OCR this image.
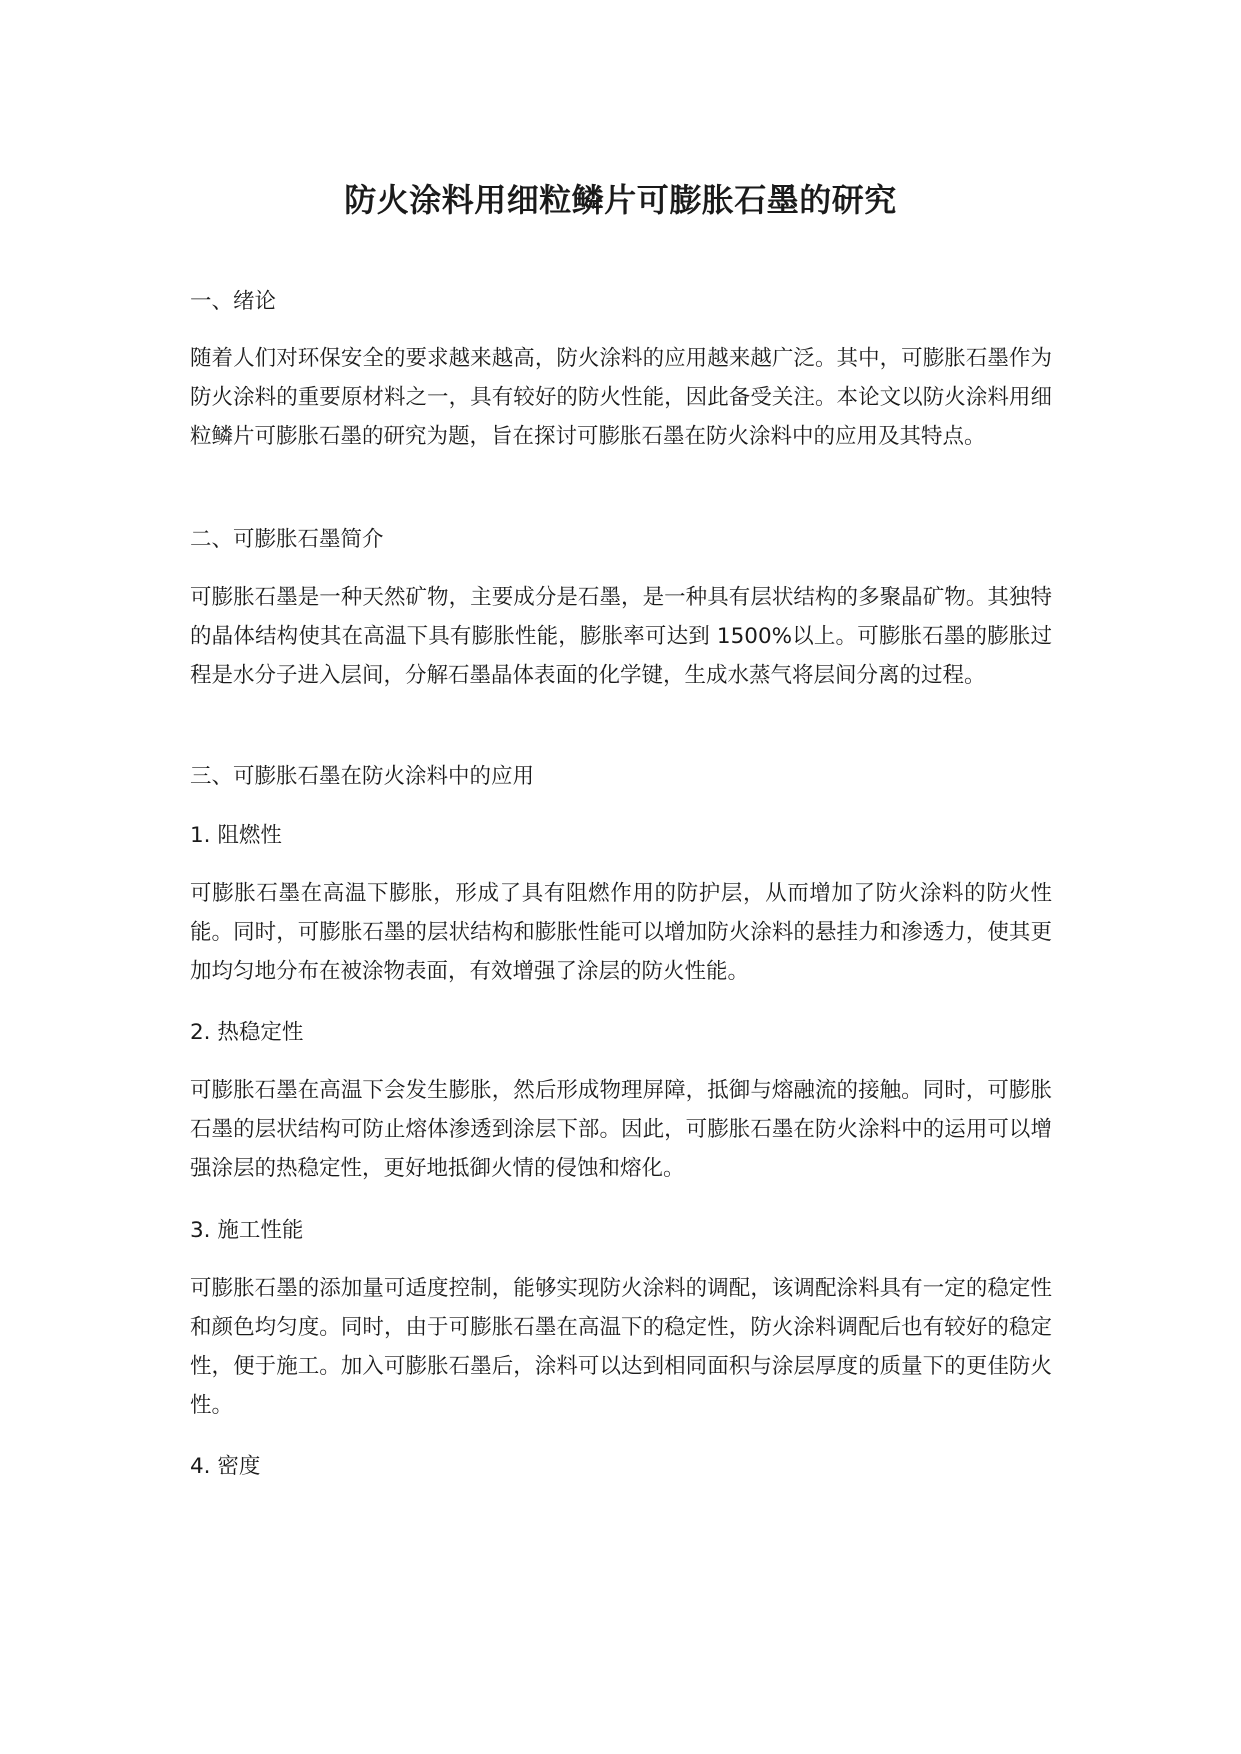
防火涂料用细粒鳞片可膨胀石墨的研究
一、绪论

随着人们对环保安全的要求越来越高，防火涂料的应用越来越广泛。其中，可膨胀石墨作为防火涂料的重要原材料之一，具有较好的防火性能，因此备受关注。本论文以防火涂料用细粒鳞片可膨胀石墨的研究为题，旨在探讨可膨胀石墨在防火涂料中的应用及其特点。

二、可膨胀石墨简介

可膨胀石墨是一种天然矿物，主要成分是石墨，是一种具有层状结构的多聚晶矿物。其独特的晶体结构使其在高温下具有膨胀性能，膨胀率可达到 1500%以上。可膨胀石墨的膨胀过程是水分子进入层间，分解石墨晶体表面的化学键，生成水蒸气将层间分离的过程。

三、可膨胀石墨在防火涂料中的应用
1. 阻燃性

可膨胀石墨在高温下膨胀，形成了具有阻燃作用的防护层，从而增加了防火涂料的防火性能。同时，可膨胀石墨的层状结构和膨胀性能可以增加防火涂料的悬挂力和渗透力，使其更加均匀地分布在被涂物表面，有效增强了涂层的防火性能。

2. 热稳定性

可膨胀石墨在高温下会发生膨胀，然后形成物理屏障，抵御与熔融流的接触。同时，可膨胀石墨的层状结构可防止熔体渗透到涂层下部。因此，可膨胀石墨在防火涂料中的运用可以增强涂层的热稳定性，更好地抵御火情的侵蚀和熔化。

3. 施工性能

可膨胀石墨的添加量可适度控制，能够实现防火涂料的调配，该调配涂料具有一定的稳定性和颜色均匀度。同时，由于可膨胀石墨在高温下的稳定性，防火涂料调配后也有较好的稳定性，便于施工。加入可膨胀石墨后，涂料可以达到相同面积与涂层厚度的质量下的更佳防火性。

4. 密度
